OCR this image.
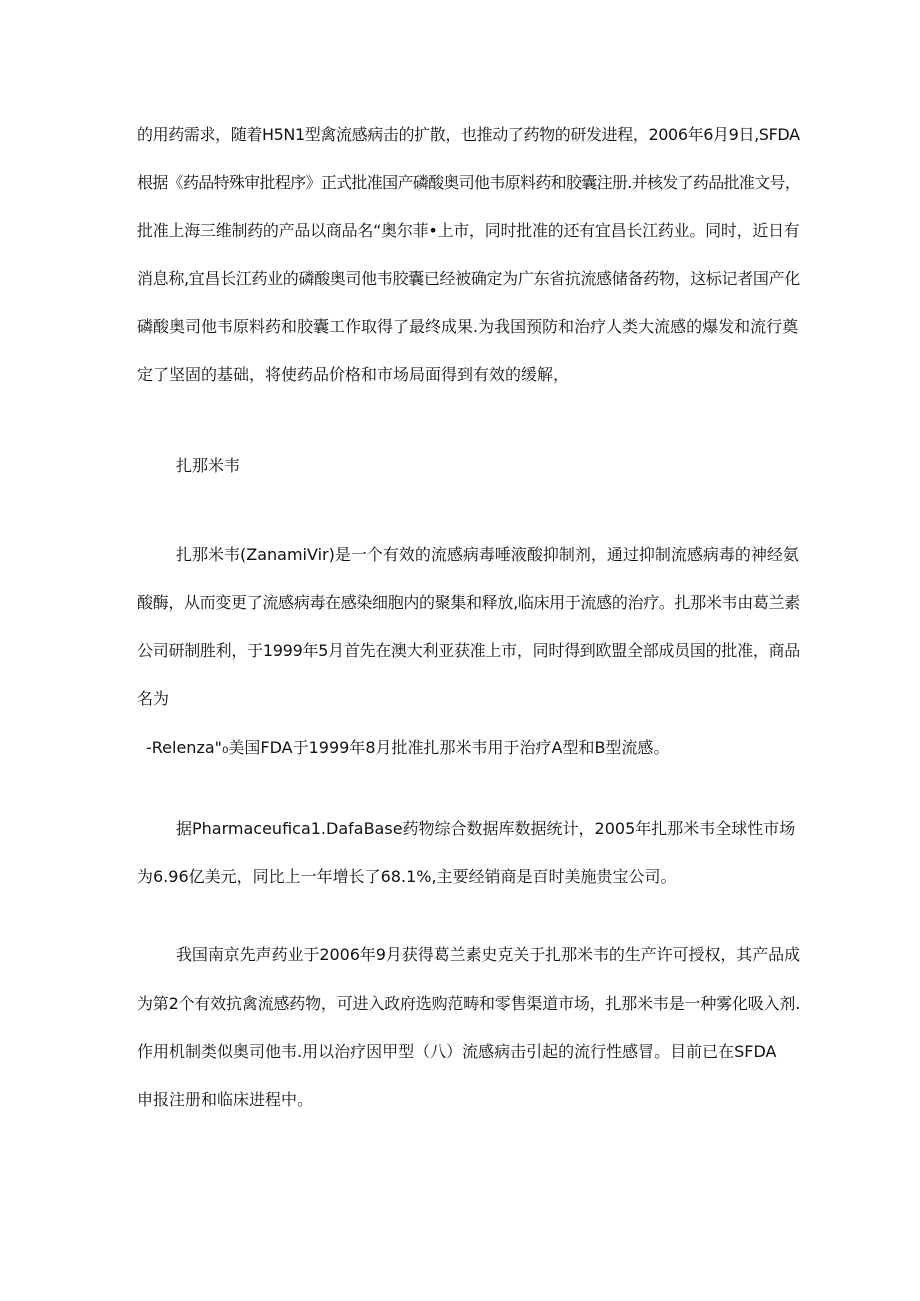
的用药需求，随着H5N1型禽流感病击的扩散，也推动了药物的研发进程，2006年6月9日,SFDA
根据《药品特殊审批程序》正式批准国产磷酸奥司他韦原料药和胶囊注册.并核发了药品批准文号，
批准上海三维制药的产品以商品名“奥尔菲•上市，同时批准的还有宜昌长江药业。同时，近日有
消息称,宜昌长江药业的磷酸奥司他韦胶囊已经被确定为广东省抗流感储备药物，这标记者国产化
磷酸奥司他韦原料药和胶囊工作取得了最终成果.为我国预防和治疗人类大流感的爆发和流行奠
定了坚固的基础，将使药品价格和市场局面得到有效的缓解，
扎那米韦
扎那米韦(ZanamiVir)是一个有效的流感病毒唾液酸抑制剂，通过抑制流感病毒的神经氨
酸酶，从而变更了流感病毒在感染细胞内的聚集和释放,临床用于流感的治疗。扎那米韦由葛兰素
公司研制胜利，于1999年5月首先在澳大利亚获准上市，同时得到欧盟全部成员国的批准，商品
名为
-Relenza"₀美国FDA于1999年8月批准扎那米韦用于治疗A型和B型流感。
据Pharmaceufica1.DafaBase药物综合数据库数据统计，2005年扎那米韦全球性市场
为6.96亿美元，同比上一年增长了68.1%,主要经销商是百时美施贵宝公司。
我国南京先声药业于2006年9月获得葛兰素史克关于扎那米韦的生产许可授权，其产品成
为第2个有效抗禽流感药物，可进入政府选购范畴和零售渠道市场，扎那米韦是一种雾化吸入剂.
作用机制类似奥司他韦.用以治疗因甲型（八）流感病击引起的流行性感冒。目前已在SFDA
申报注册和临床进程中。
